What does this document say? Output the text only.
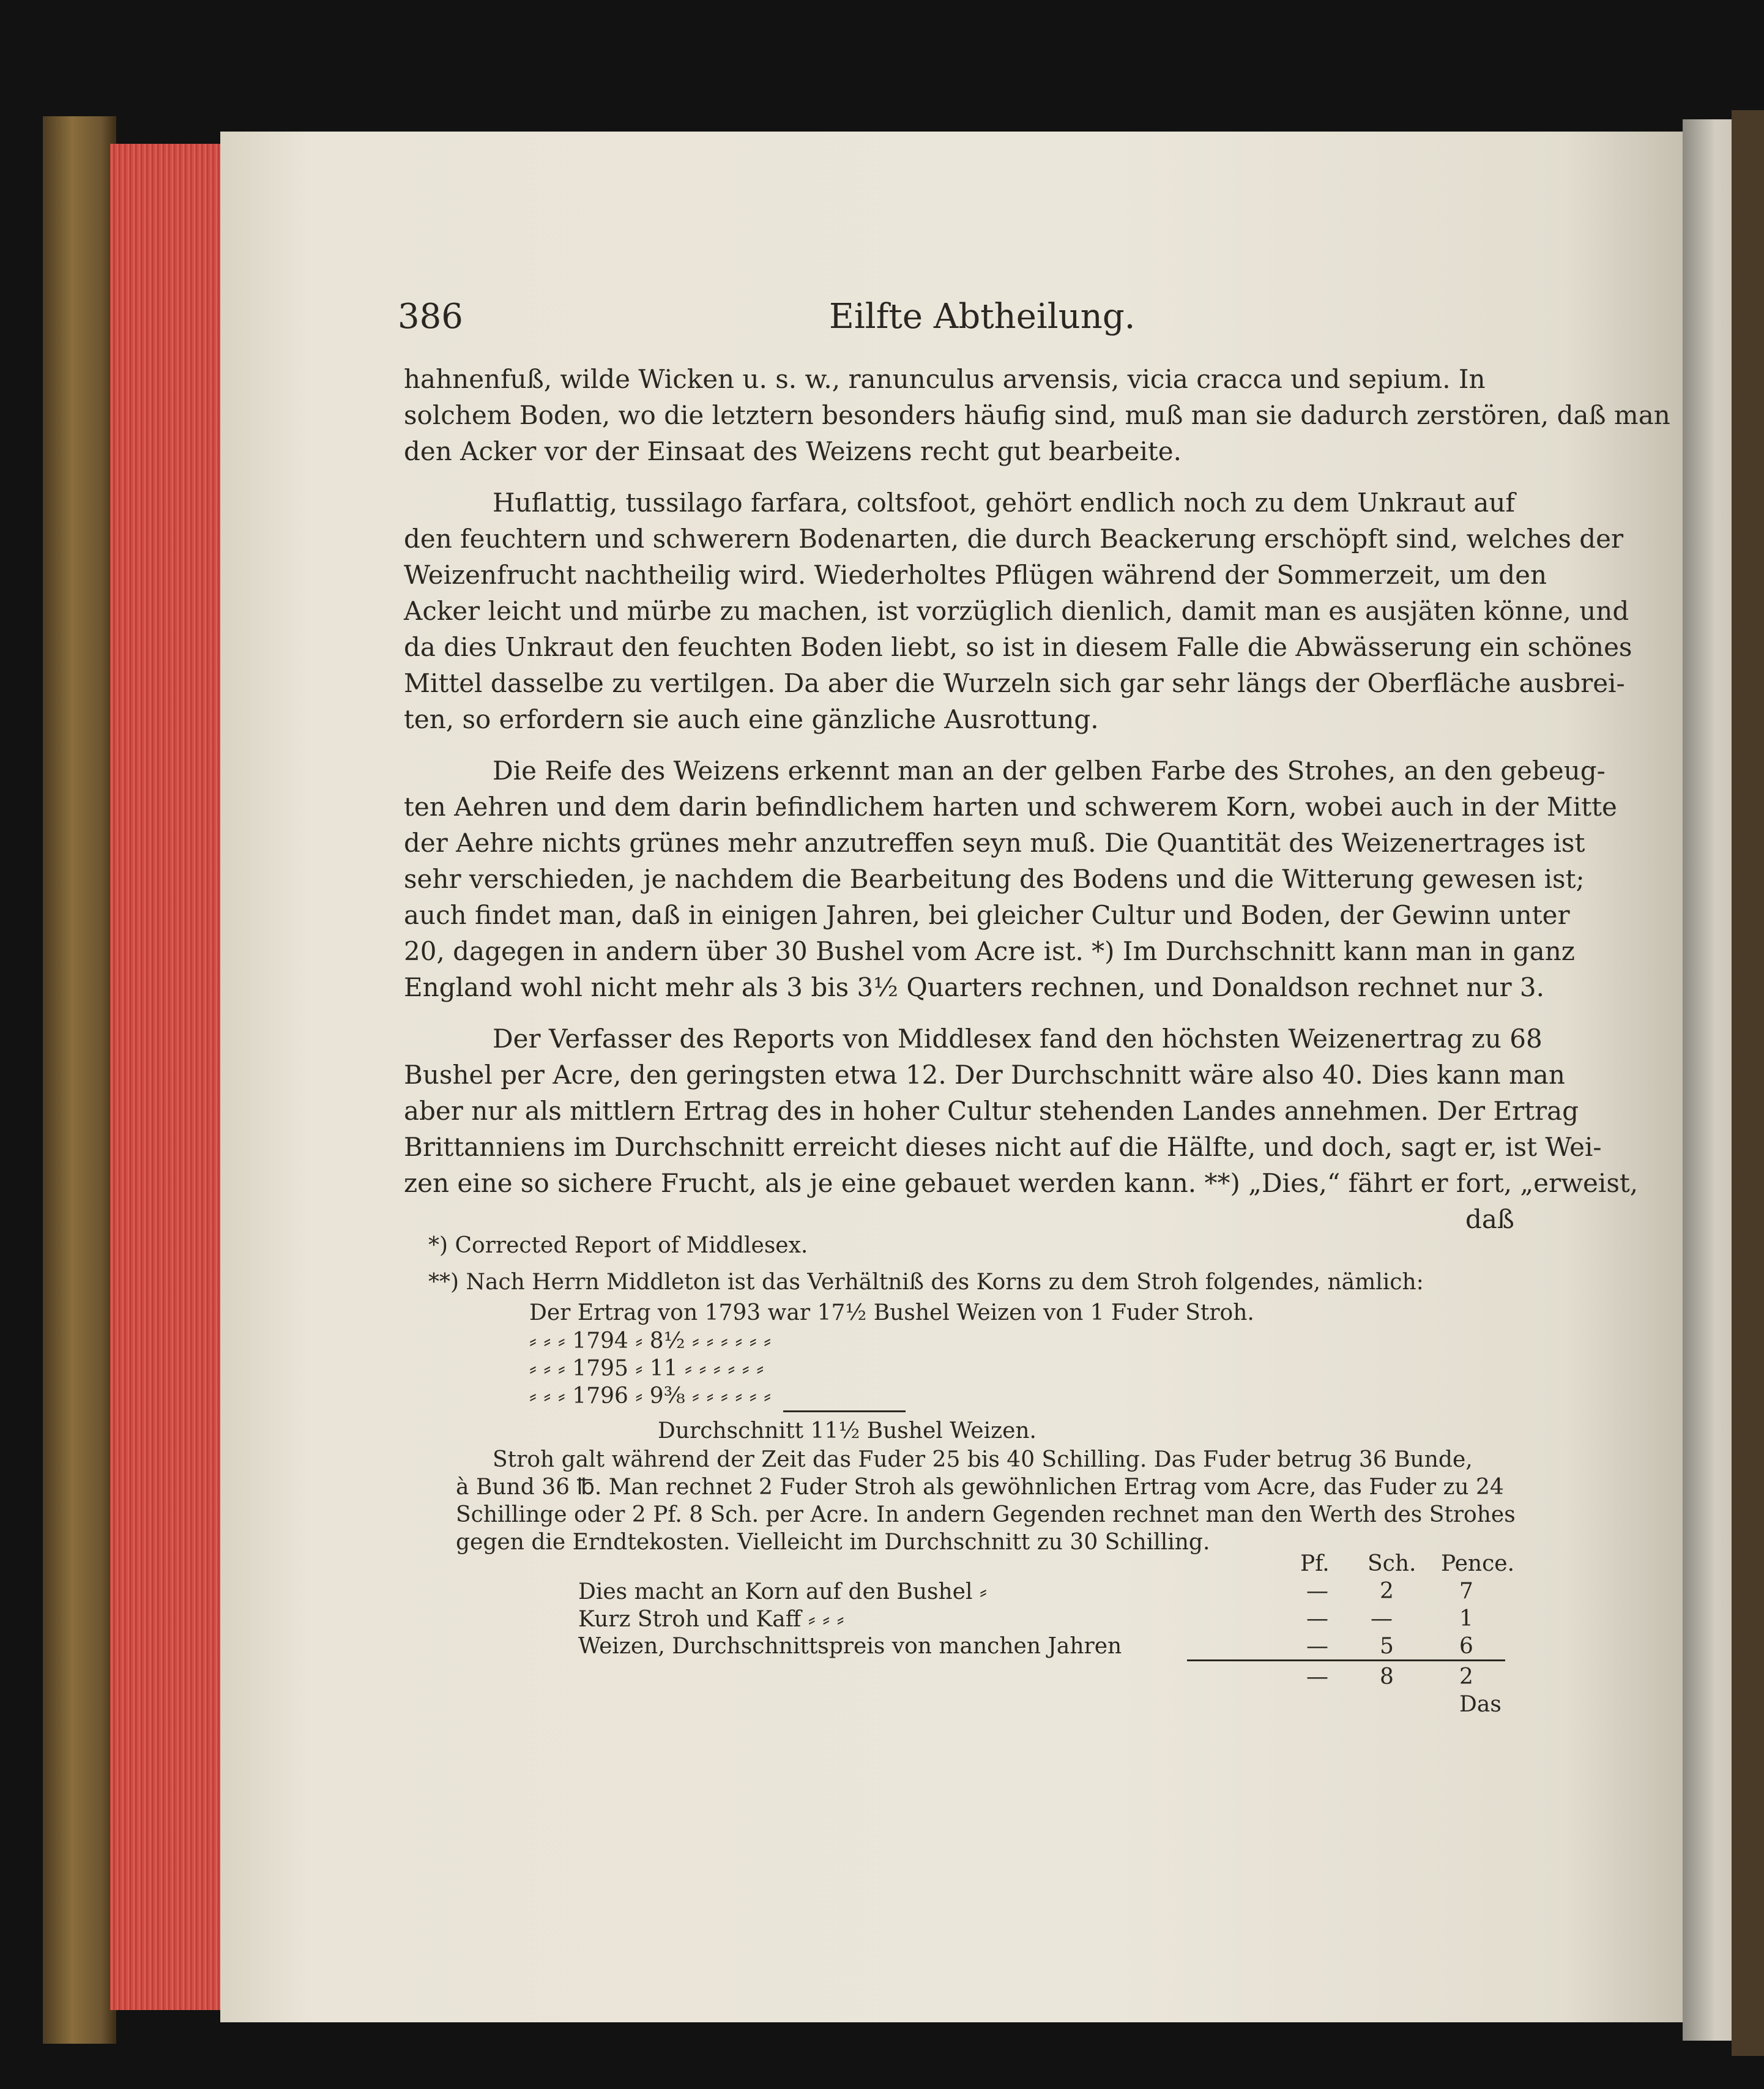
386	Eilfte Abtheilung.
hahnenfuß, wilde Wicken u. s. w., ranunculus arvensis, vicia cracca und sepium. In
solchem Boden, wo die letztern besonders häufig sind, muß man sie dadurch zerstören, daß man
den Acker vor der Einsaat des Weizens recht gut bearbeite.
Huflattig, tussilago farfara, coltsfoot, gehört endlich noch zu dem Unkraut auf
den feuchtern und schwerern Bodenarten, die durch Beackerung erschöpft sind, welches der
Weizenfrucht nachtheilig wird. Wiederholtes Pflügen während der Sommerzeit, um den
Acker leicht und mürbe zu machen, ist vorzüglich dienlich, damit man es ausjäten könne, und
da dies Unkraut den feuchten Boden liebt, so ist in diesem Falle die Abwässerung ein schönes
Mittel dasselbe zu vertilgen. Da aber die Wurzeln sich gar sehr längs der Oberfläche ausbrei-
ten, so erfordern sie auch eine gänzliche Ausrottung.
Die Reife des Weizens erkennt man an der gelben Farbe des Strohes, an den gebeug-
ten Aehren und dem darin befindlichem harten und schwerem Korn, wobei auch in der Mitte
der Aehre nichts grünes mehr anzutreffen seyn muß. Die Quantität des Weizenertrages ist
sehr verschieden, je nachdem die Bearbeitung des Bodens und die Witterung gewesen ist;
auch findet man, daß in einigen Jahren, bei gleicher Cultur und Boden, der Gewinn unter
20, dagegen in andern über 30 Bushel vom Acre ist. *) Im Durchschnitt kann man in ganz
England wohl nicht mehr als 3 bis 3½ Quarters rechnen, und Donaldson rechnet nur 3.
Der Verfasser des Reports von Middlesex fand den höchsten Weizenertrag zu 68
Bushel per Acre, den geringsten etwa 12. Der Durchschnitt wäre also 40. Dies kann man
aber nur als mittlern Ertrag des in hoher Cultur stehenden Landes annehmen. Der Ertrag
Brittanniens im Durchschnitt erreicht dieses nicht auf die Hälfte, und doch, sagt er, ist Wei-
zen eine so sichere Frucht, als je eine gebauet werden kann. **) „Dies,“ fährt er fort, „erweist,
daß
*) Corrected Report of Middlesex.
**) Nach Herrn Middleton ist das Verhältniß des Korns zu dem Stroh folgendes, nämlich:
Der Ertrag von 1793 war 17½ Bushel Weizen von 1 Fuder Stroh.
⸗ ⸗ ⸗ 1794 ⸗ 8½ ⸗ ⸗ ⸗ ⸗ ⸗ ⸗
⸗ ⸗ ⸗ 1795 ⸗ 11 ⸗ ⸗ ⸗ ⸗ ⸗ ⸗
⸗ ⸗ ⸗ 1796 ⸗ 9⅜ ⸗ ⸗ ⸗ ⸗ ⸗ ⸗
Durchschnitt 11½ Bushel Weizen.
Stroh galt während der Zeit das Fuder 25 bis 40 Schilling. Das Fuder betrug 36 Bunde,
à Bund 36 ℔. Man rechnet 2 Fuder Stroh als gewöhnlichen Ertrag vom Acre, das Fuder zu 24
Schillinge oder 2 Pf. 8 Sch. per Acre. In andern Gegenden rechnet man den Werth des Strohes
gegen die Erndtekosten. Vielleicht im Durchschnitt zu 30 Schilling.
Pf. Sch. Pence.
Dies macht an Korn auf den Bushel ⸗	— 2	7
Kurz Stroh und Kaff ⸗ ⸗ ⸗	— —	1
Weizen, Durchschnittspreis von manchen Jahren	— 5	6
— 8	2
Das
